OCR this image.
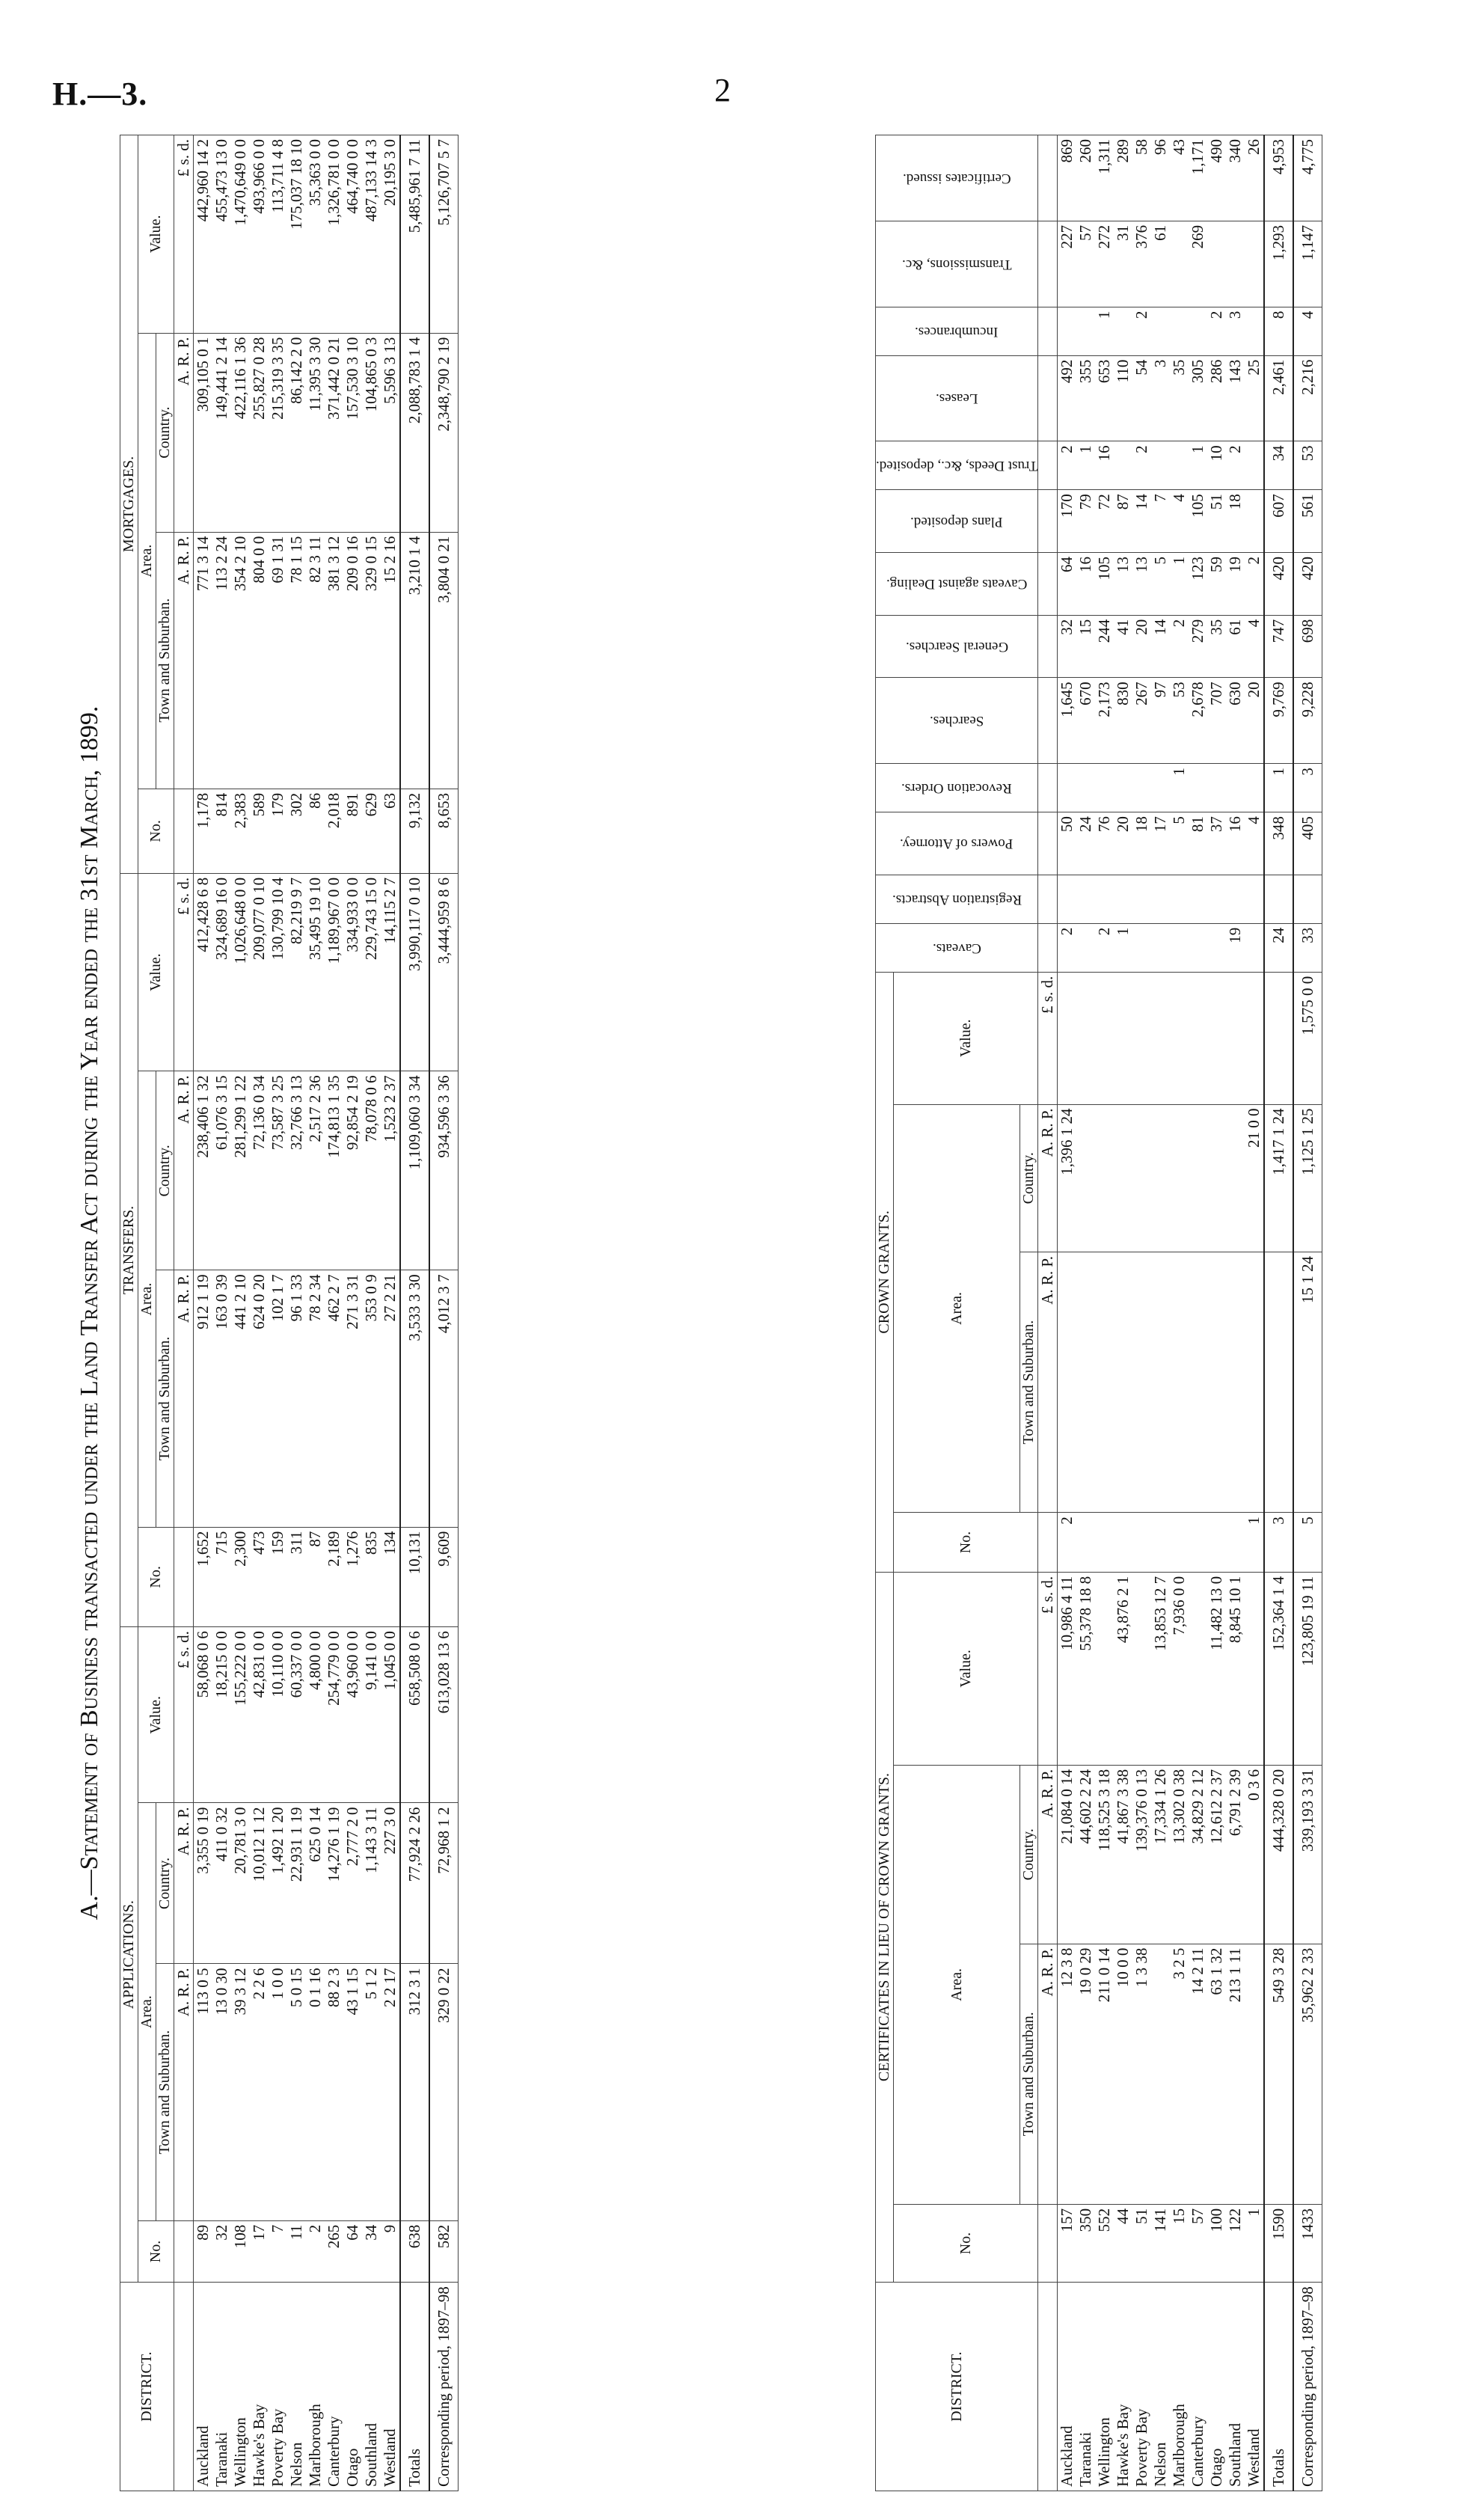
H.—3.	2
A.—Statement of Business transacted under the Land Transfer Act during the Year ended the 31st March, 1899.
DISTRICT.	APPLICATIONS.				TRANSFERS.				MORTGAGES.			
	No.	Area.		Value.	No.	Area.		Value.	No.	Area.		Value.
		Town and Suburban.	Country.			Town and Suburban.	Country.			Town and Suburban.	Country.	
		A. R. P.	A. R. P.	£ s. d.		A. R. P.	A. R. P.	£ s. d.		A. R. P.	A. R. P.	£ s. d.
Auckland	89	113 0 5	3,355 0 19	58,068 0 6	1,652	912 1 19	238,406 1 32	412,428 6 8	1,178	771 3 14	309,105 0 1	442,960 14 2
Taranaki	32	13 0 30	411 0 32	18,215 0 0	715	163 0 39	61,076 3 15	324,689 16 0	814	113 2 24	149,441 2 14	455,473 13 0
Wellington	108	39 3 12	20,781 3 0	155,222 0 0	2,300	441 2 10	281,299 1 22	1,026,648 0 0	2,383	354 2 10	422,116 1 36	1,470,649 0 0
Hawke's Bay	17	2 2 6	10,012 1 12	42,831 0 0	473	624 0 20	72,136 0 34	209,077 0 10	589	804 0 0	255,827 0 28	493,966 0 0
Poverty Bay	7	1 0 0	1,492 1 20	10,110 0 0	159	102 1 7	73,587 3 25	130,799 10 4	179	69 1 31	215,319 3 35	113,711 4 8
Nelson	11	5 0 15	22,931 1 19	60,337 0 0	311	96 1 33	32,766 3 13	82,219 9 7	302	78 1 15	86,142 2 0	175,037 18 10
Marlborough	2	0 1 16	625 0 14	4,800 0 0	87	78 2 34	2,517 2 36	35,495 19 10	86	82 3 11	11,395 3 30	35,363 0 0
Canterbury	265	88 2 3	14,276 1 19	254,779 0 0	2,189	462 2 7	174,813 1 35	1,189,967 0 0	2,018	381 3 12	371,442 0 21	1,326,781 0 0
Otago	64	43 1 15	2,777 2 0	43,960 0 0	1,276	271 3 31	92,854 2 19	334,933 0 0	891	209 0 16	157,530 3 10	464,740 0 0
Southland	34	5 1 2	1,143 3 11	9,141 0 0	835	353 0 9	78,078 0 6	229,743 15 0	629	329 0 15	104,865 0 3	487,133 14 3
Westland	9	2 2 17	227 3 0	1,045 0 0	134	27 2 21	1,523 2 37	14,115 2 7	63	15 2 16	5,596 3 13	20,195 3 0
Totals	638	312 3 1	77,924 2 26	658,508 0 6	10,131	3,533 3 30	1,109,060 3 34	3,990,117 0 10	9,132	3,210 1 4	2,088,783 1 4	5,485,961 7 11
Corresponding period, 1897–98	582	329 0 22	72,968 1 2	613,028 13 6	9,609	4,012 3 7	934,596 3 36	3,444,959 8 6	8,653	3,804 0 21	2,348,790 2 19	5,126,707 5 7
DISTRICT.	CERTIFICATES IN LIEU OF CROWN GRANTS.				CROWN GRANTS.				Caveats.	Registration Abstracts.	Powers of Attorney.	Revocation Orders.	Searches.	General Searches.	Caveats against Dealing.	Plans deposited.	Trust Deeds, &c., deposited.	Leases.	Incumbrances.	Transmissions, &c.	Certificates issued.

	No.	Area.		Value.	No.	Area.		Value.													
		Town and Suburban.	Country.			Town and Suburban.	Country.														
		A. R. P.	A. R. P.	£ s. d.		A. R. P.	A. R. P.	£ s. d.													
Auckland	157	12 3 8	21,084 0 14	10,986 4 11	2		1,396 1 24		2		50		1,645	32	64	170	2	492		227	869
Taranaki	350	19 0 29	44,602 2 24	55,378 18 8							24		670	15	16	79	1	355		57	260
Wellington	552	211 0 14	118,525 3 18						2		76		2,173	244	105	72	16	653	1	272	1,311
Hawke's Bay	44	10 0 0	41,867 3 38	43,876 2 1					1		20		830	41	13	87		110		31	289
Poverty Bay	51	1 3 38	139,376 0 13								18		267	20	13	14	2	54	2	376	58
Nelson	141		17,334 1 26	13,853 12 7							17		97	14	5	7		3		61	96
Marlborough	15	3 2 5	13,302 0 38	7,936 0 0							5	1	53	2	1	4		35			43
Canterbury	57	14 2 11	34,829 2 12								81		2,678	279	123	105	1	305		269	1,171
Otago	100	63 1 32	12,612 2 37	11,482 13 0							37		707	35	59	51	10	286	2		490
Southland	122	213 1 11	6,791 2 39	8,845 10 1					19		16		630	61	19	18	2	143	3		340
Westland	1		0 3 6		1		21 0 0				4		20	4	2			25			26
Totals	1590	549 3 28	444,328 0 20	152,364 1 4	3		1,417 1 24		24		348	1	9,769	747	420	607	34	2,461	8	1,293	4,953
Corresponding period, 1897–98	1433	35,962 2 33	339,193 3 31	123,805 19 11	5	15 1 24	1,125 1 25	1,575 0 0	33		405	3	9,228	698	420	561	53	2,216	4	1,147	4,775
